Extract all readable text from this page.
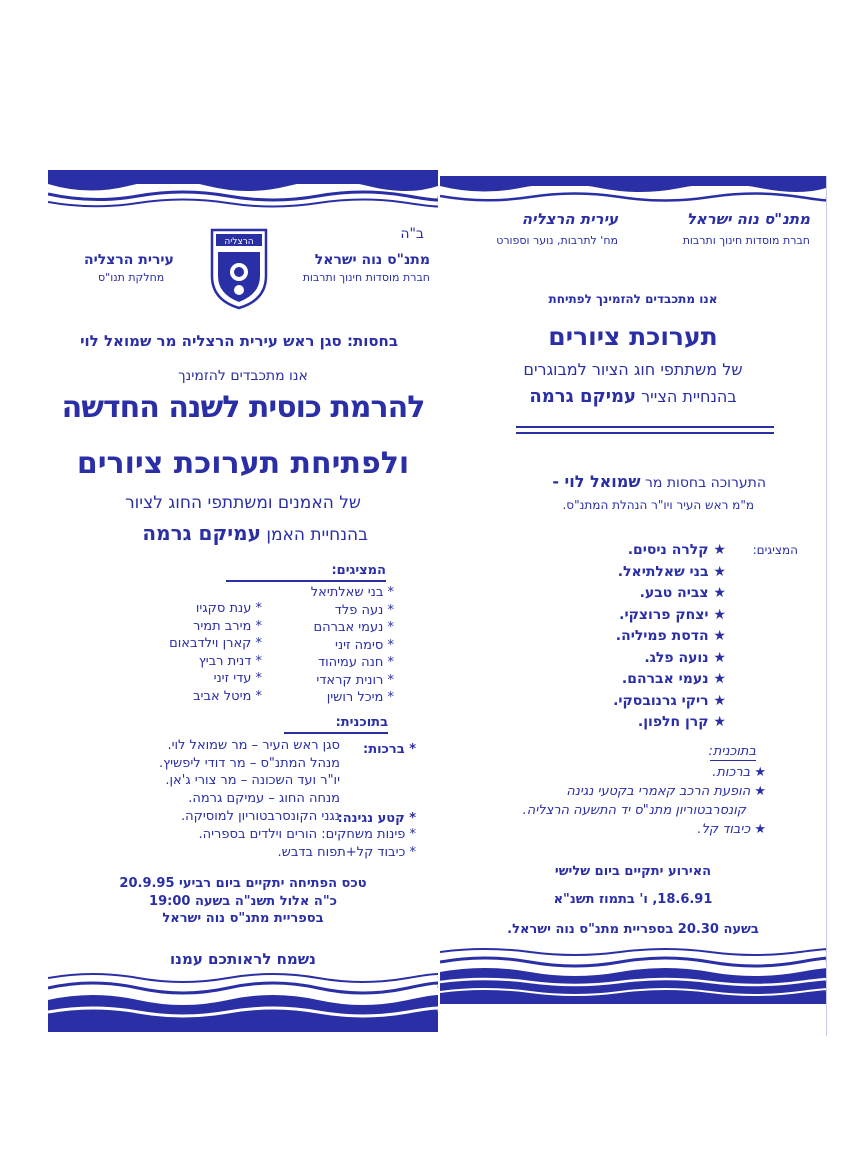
ב"ה
מתנ"ס נוה ישראל
חברת מוסדות חינוך ותרבות
הרצליה
עירית הרצליה
מחלקת תנו"ס
בחסות: סגן ראש עירית הרצליה מר שמואל לוי
אנו מתכבדים להזמינך
להרמת כוסית לשנה החדשה
ולפתיחת תערוכת ציורים
של האמנים ומשתתפי החוג לציור
בהנחיית האמן עמיקם גרמה
המציגים:
* בני שאלתיאל
* נעה פלד
* נעמי אברהם
* סימה זיני
* חנה עמיהוד
* רונית קראדי
* מיכל רושין
* ענת סקגיו
* מירב תמיר
* קארן וילדבאום
* דנית רביץ
* עדי זיני
* מיטל אביב
בתוכנית:
* ברכות:
סגן ראש העיר – מר שמואל לוי.
מנהל המתנ"ס – מר דודי ליפשיץ.
יו"ר ועד השכונה – מר צורי ג'אן.
מנחה החוג – עמיקם גרמה.
* קטע נגינה:
נגני הקונסרבטוריון למוסיקה.
* פינות משחקים: הורים וילדים בספריה.
* כיבוד קל+תפוח בדבש.
טכס הפתיחה יתקיים ביום רביעי 20.9.95
כ"ה אלול תשנ"ה בשעה 19:00
בספריית מתנ"ס נוה ישראל
נשמח לראותכם עמנו
מתנ"ס נוה ישראל
חברת מוסדות חינוך ותרבות
עירית הרצליה
מח' לתרבות, נוער וספורט
אנו מתכבדים להזמינך לפתיחת
תערוכת ציורים
של משתתפי חוג הציור למבוגרים
בהנחיית הצייר עמיקם גרמה
התערוכה בחסות מר שמואל לוי -
מ"מ ראש העיר ויו"ר הנהלת המתנ"ס.
המציגים:
★ קלרה ניסים.
★ בני שאלתיאל.
★ צביה טבע.
★ יצחק פרוצקי.
★ הדסת פמיליה.
★ נועה פלג.
★ נעמי אברהם.
★ ריקי גרנובסקי.
★ קרן חלפון.
בתוכנית:
★ ברכות.
★ הופעת הרכב קאמרי בקטעי נגינה
קונסרבטוריון מתנ"ס יד התשעה הרצליה.
★ כיבוד קל.
האירוע יתקיים ביום שלישי
18.6.91, ו' בתמוז תשנ"א
בשעה 20.30 בספריית מתנ"ס נוה ישראל.
